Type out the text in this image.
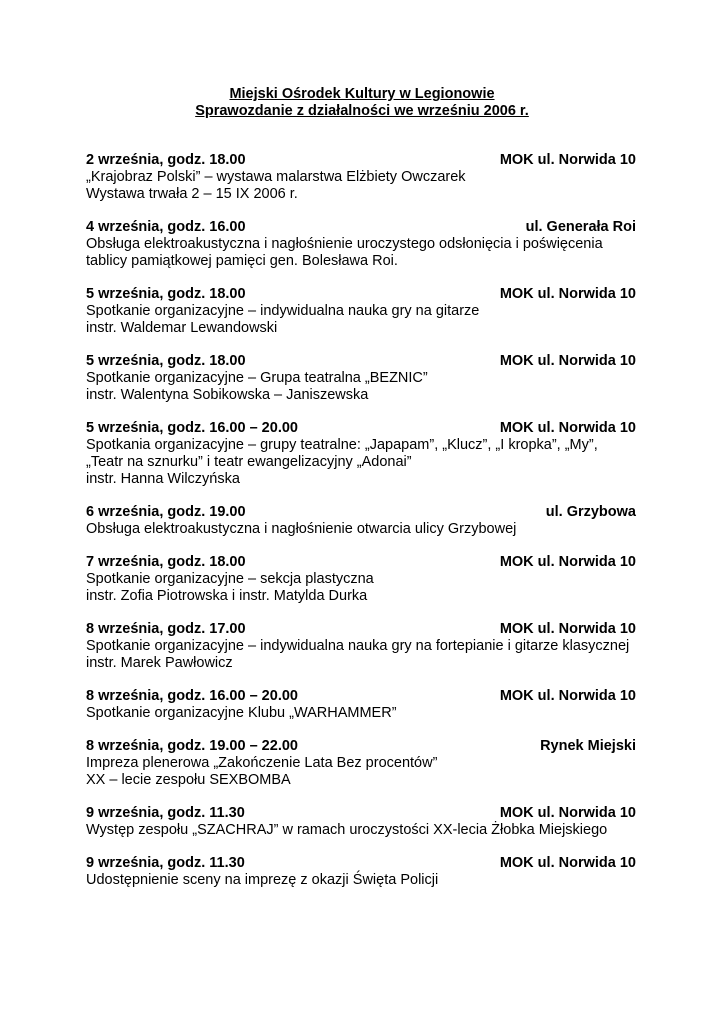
Miejski Ośrodek Kultury w Legionowie
Sprawozdanie z działalności we wrześniu 2006 r.
2 września, godz. 18.00	MOK ul. Norwida 10
„Krajobraz Polski” – wystawa malarstwa Elżbiety Owczarek
Wystawa trwała 2 – 15 IX 2006 r.
4 września, godz. 16.00	ul. Generała Roi
Obsługa elektroakustyczna i nagłośnienie uroczystego odsłonięcia i poświęcenia
tablicy pamiątkowej pamięci gen. Bolesława Roi.
5 września, godz. 18.00	MOK ul. Norwida 10
Spotkanie organizacyjne – indywidualna nauka gry na gitarze
instr. Waldemar Lewandowski
5 września, godz. 18.00	MOK ul. Norwida 10
Spotkanie organizacyjne – Grupa teatralna „BEZNIC”
instr. Walentyna Sobikowska – Janiszewska
5 września, godz. 16.00 – 20.00	MOK ul. Norwida 10
Spotkania organizacyjne – grupy teatralne: „Japapam”, „Klucz”, „I kropka”, „My”,
„Teatr na sznurku” i teatr ewangelizacyjny „Adonai”
instr. Hanna Wilczyńska
6 września, godz. 19.00	ul. Grzybowa
Obsługa elektroakustyczna i nagłośnienie otwarcia ulicy Grzybowej
7 września, godz. 18.00	MOK ul. Norwida 10
Spotkanie organizacyjne – sekcja plastyczna
instr. Zofia Piotrowska i instr. Matylda Durka
8 września, godz. 17.00	MOK ul. Norwida 10
Spotkanie organizacyjne – indywidualna nauka gry na fortepianie i gitarze klasycznej
instr. Marek Pawłowicz
8 września, godz. 16.00 – 20.00	MOK ul. Norwida 10
Spotkanie organizacyjne Klubu „WARHAMMER”
8 września, godz. 19.00 – 22.00	Rynek Miejski
Impreza plenerowa „Zakończenie Lata Bez procentów”
XX – lecie zespołu SEXBOMBA
9 września, godz. 11.30	MOK ul. Norwida 10
Występ zespołu „SZACHRAJ” w ramach uroczystości XX-lecia Żłobka Miejskiego
9 września, godz. 11.30	MOK ul. Norwida 10
Udostępnienie sceny na imprezę z okazji Święta Policji
